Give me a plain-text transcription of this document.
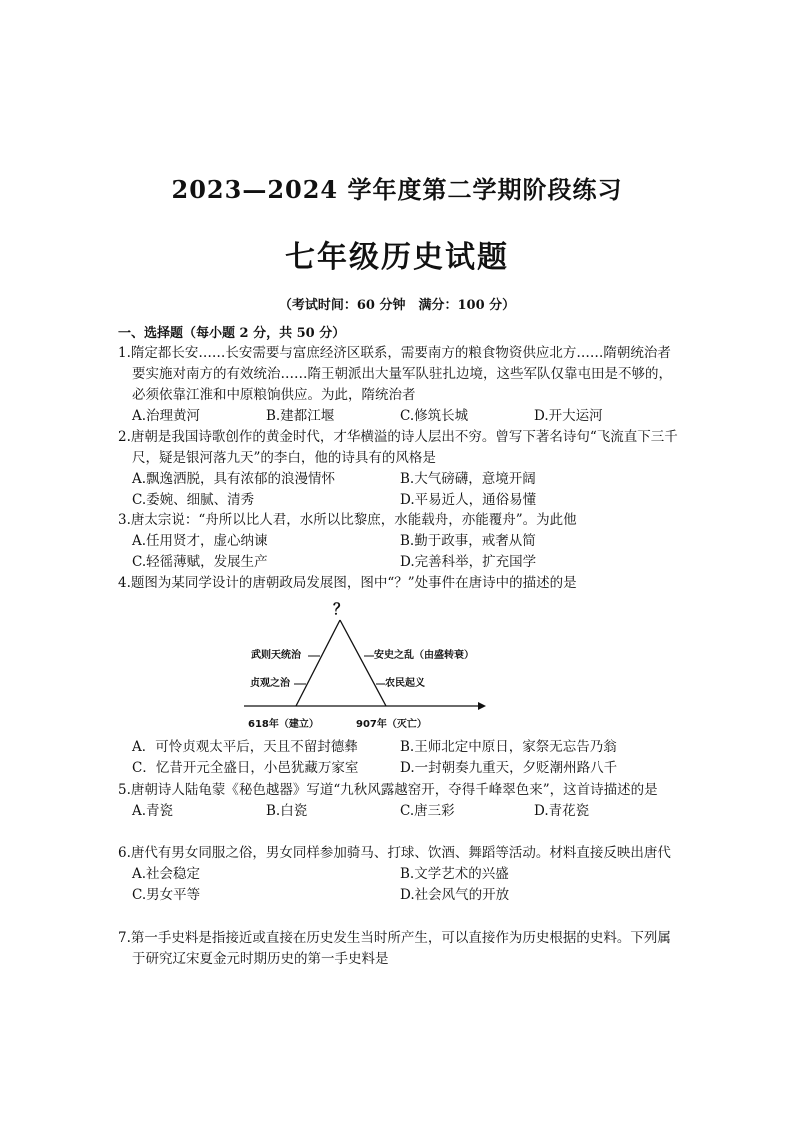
2023—2024 学年度第二学期阶段练习
七年级历史试题
（考试时间：60 分钟　满分：100 分）
一、选择题（每小题 2 分，共 50 分）
1.隋定都长安……长安需要与富庶经济区联系，需要南方的粮食物资供应北方……隋朝统治者要实施对南方的有效统治……隋王朝派出大量军队驻扎边境，这些军队仅靠屯田是不够的，必须依靠江淮和中原粮饷供应。为此，隋统治者
A.治理黄河	B.建都江堰	C.修筑长城	D.开大运河
2.唐朝是我国诗歌创作的黄金时代，才华横溢的诗人层出不穷。曾写下著名诗句“飞流直下三千尺，疑是银河落九天”的李白，他的诗具有的风格是
A.飘逸洒脱，具有浓郁的浪漫情怀	B.大气磅礴，意境开阔
C.委婉、细腻、清秀	D.平易近人，通俗易懂
3.唐太宗说：“舟所以比人君，水所以比黎庶，水能载舟，亦能覆舟”。为此他
A.任用贤才，虚心纳谏	B.勤于政事，戒奢从简
C.轻徭薄赋，发展生产	D.完善科举，扩充国学
4.题图为某同学设计的唐朝政局发展图，图中“？”处事件在唐诗中的描述的是
？
武则天统治
贞观之治
安史之乱（由盛转衰）
农民起义
618年（建立）	907年（灭亡）
A．可怜贞观太平后，天且不留封德彝	B.王师北定中原日，家祭无忘告乃翁
C．忆昔开元全盛日，小邑犹藏万家室	D.一封朝奏九重天，夕贬潮州路八千
5.唐朝诗人陆龟蒙《秘色越器》写道“九秋风露越窑开，夺得千峰翠色来”，这首诗描述的是
A.青瓷	B.白瓷	C.唐三彩	D.青花瓷
6.唐代有男女同服之俗，男女同样参加骑马、打球、饮酒、舞蹈等活动。材料直接反映出唐代
A.社会稳定	B.文学艺术的兴盛
C.男女平等	D.社会风气的开放
7.第一手史料是指接近或直接在历史发生当时所产生，可以直接作为历史根据的史料。下列属于研究辽宋夏金元时期历史的第一手史料是
